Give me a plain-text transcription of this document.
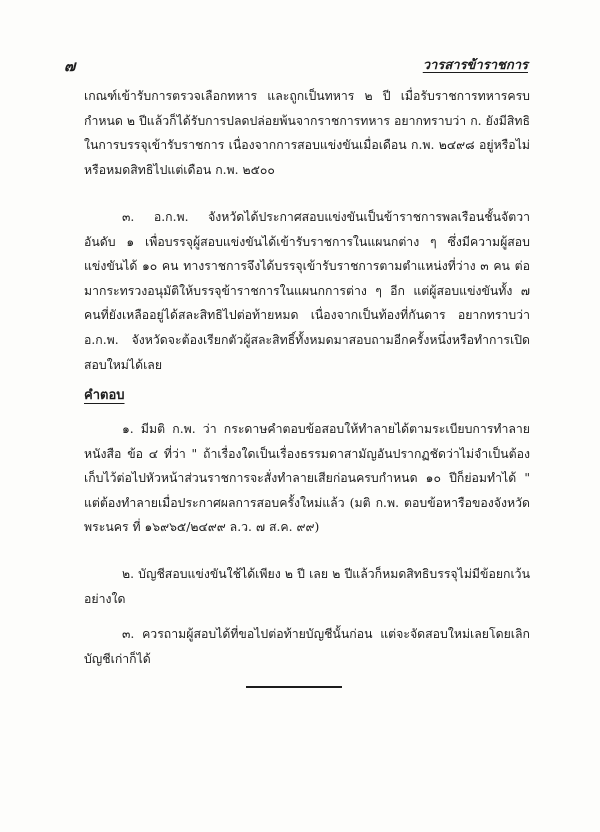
๗	วารสารข้าราชการ
เกณฑ์เข้ารับการตรวจเลือกทหาร และถูกเป็นทหาร ๒ ปี เมื่อรับราชการทหารครบกำหนด ๒ ปีแล้วก็ได้รับการปลดปล่อยพ้นจากราชการทหาร อยากทราบว่า ก. ยังมีสิทธิในการบรรจุเข้ารับราชการ เนื่องจากการสอบแข่งขันเมื่อเดือน ก.พ. ๒๔๙๘ อยู่หรือไม่ หรือหมดสิทธิไปแต่เดือน ก.พ. ๒๕๐๐
๓. อ.ก.พ. จังหวัดได้ประกาศสอบแข่งขันเป็นข้าราชการพลเรือนชั้นจัตวาอันดับ ๑ เพื่อบรรจุผู้สอบแข่งขันได้เข้ารับราชการในแผนกต่าง ๆ ซึ่งมีความผู้สอบแข่งขันได้ ๑๐ คน ทางราชการจึงได้บรรจุเข้ารับราชการตามตำแหน่งที่ว่าง ๓ คน ต่อมากระทรวงอนุมัติให้บรรจุข้าราชการในแผนกการต่าง ๆ อีก แต่ผู้สอบแข่งขันทั้ง ๗ คนที่ยังเหลืออยู่ได้สละสิทธิไปต่อท้ายหมด เนื่องจากเป็นท้องที่กันดาร อยากทราบว่า อ.ก.พ. จังหวัดจะต้องเรียกตัวผู้สละสิทธิ์ทั้งหมดมาสอบถามอีกครั้งหนึ่งหรือทำการเปิดสอบใหม่ได้เลย
คำตอบ
๑. มีมติ ก.พ. ว่า กระดาษคำตอบข้อสอบให้ทำลายได้ตามระเบียบการทำลายหนังสือ ข้อ ๔ ที่ว่า " ถ้าเรื่องใดเป็นเรื่องธรรมดาสามัญอันปรากฏชัดว่าไม่จำเป็นต้องเก็บไว้ต่อไปหัวหน้าส่วนราชการจะสั่งทำลายเสียก่อนครบกำหนด ๑๐ ปีก็ย่อมทำได้ " แต่ต้องทำลายเมื่อประกาศผลการสอบครั้งใหม่แล้ว (มติ ก.พ. ตอบข้อหารือของจังหวัดพระนคร ที่ ๑๖๙๖๕/๒๔๙๙ ล.ว. ๗ ส.ค. ๙๙)
๒. บัญชีสอบแข่งขันใช้ได้เพียง ๒ ปี เลย ๒ ปีแล้วก็หมดสิทธิบรรจุไม่มีข้อยกเว้นอย่างใด
๓. ควรถามผู้สอบได้ที่ขอไปต่อท้ายบัญชีนั้นก่อน แต่จะจัดสอบใหม่เลยโดยเลิกบัญชีเก่าก็ได้
